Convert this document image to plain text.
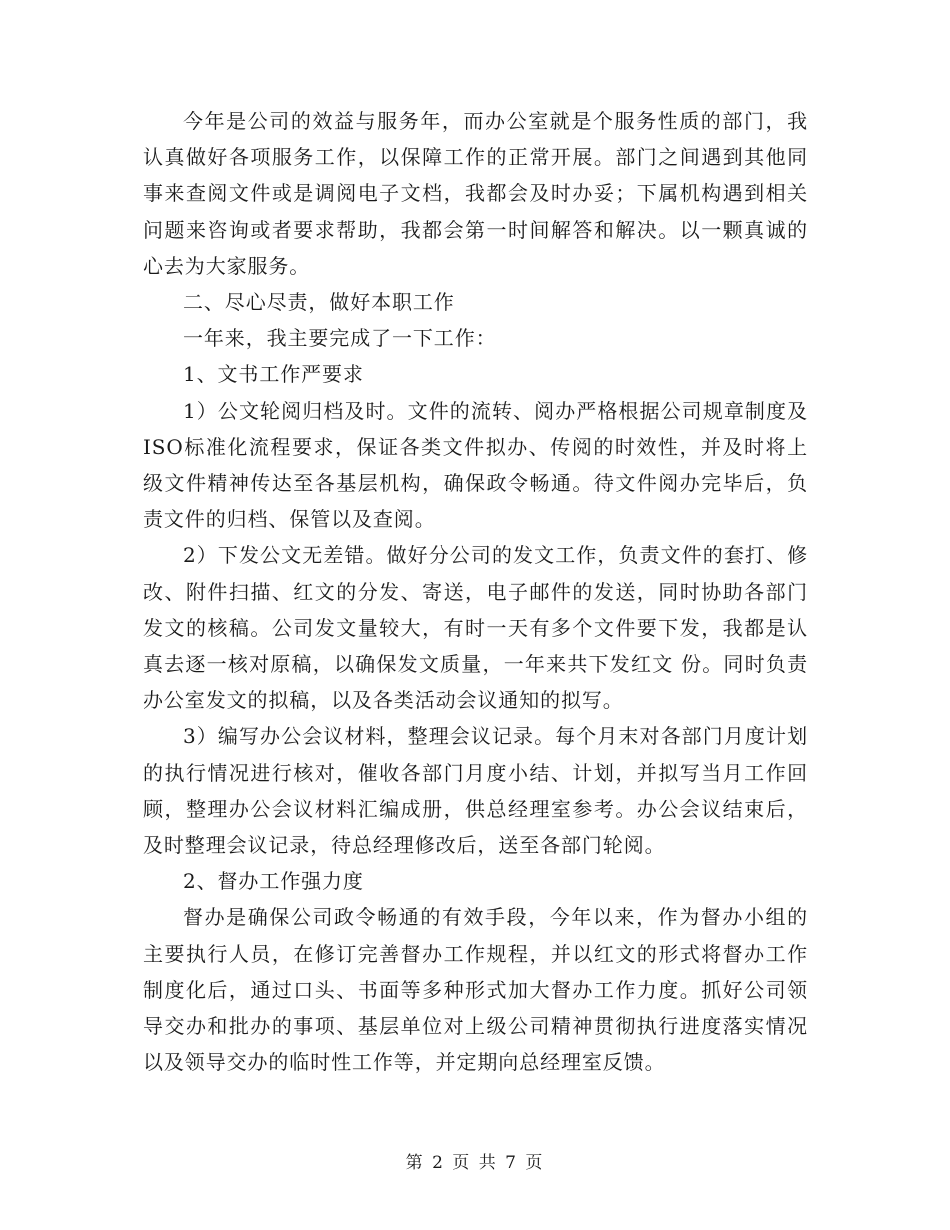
今年是公司的效益与服务年，而办公室就是个服务性质的部门，我认真做好各项服务工作，以保障工作的正常开展。部门之间遇到其他同事来查阅文件或是调阅电子文档，我都会及时办妥；下属机构遇到相关问题来咨询或者要求帮助，我都会第一时间解答和解决。以一颗真诚的心去为大家服务。

二、尽心尽责，做好本职工作

一年来，我主要完成了一下工作：

1、文书工作严要求

1）公文轮阅归档及时。文件的流转、阅办严格根据公司规章制度及ISO标准化流程要求，保证各类文件拟办、传阅的时效性，并及时将上级文件精神传达至各基层机构，确保政令畅通。待文件阅办完毕后，负责文件的归档、保管以及查阅。

2）下发公文无差错。做好分公司的发文工作，负责文件的套打、修改、附件扫描、红文的分发、寄送，电子邮件的发送，同时协助各部门发文的核稿。公司发文量较大，有时一天有多个文件要下发，我都是认真去逐一核对原稿，以确保发文质量，一年来共下发红文 份。同时负责办公室发文的拟稿，以及各类活动会议通知的拟写。

3）编写办公会议材料，整理会议记录。每个月末对各部门月度计划的执行情况进行核对，催收各部门月度小结、计划，并拟写当月工作回顾，整理办公会议材料汇编成册，供总经理室参考。办公会议结束后，及时整理会议记录，待总经理修改后，送至各部门轮阅。

2、督办工作强力度

督办是确保公司政令畅通的有效手段，今年以来，作为督办小组的主要执行人员，在修订完善督办工作规程，并以红文的形式将督办工作制度化后，通过口头、书面等多种形式加大督办工作力度。抓好公司领导交办和批办的事项、基层单位对上级公司精神贯彻执行进度落实情况以及领导交办的临时性工作等，并定期向总经理室反馈。

第 2 页 共 7 页
